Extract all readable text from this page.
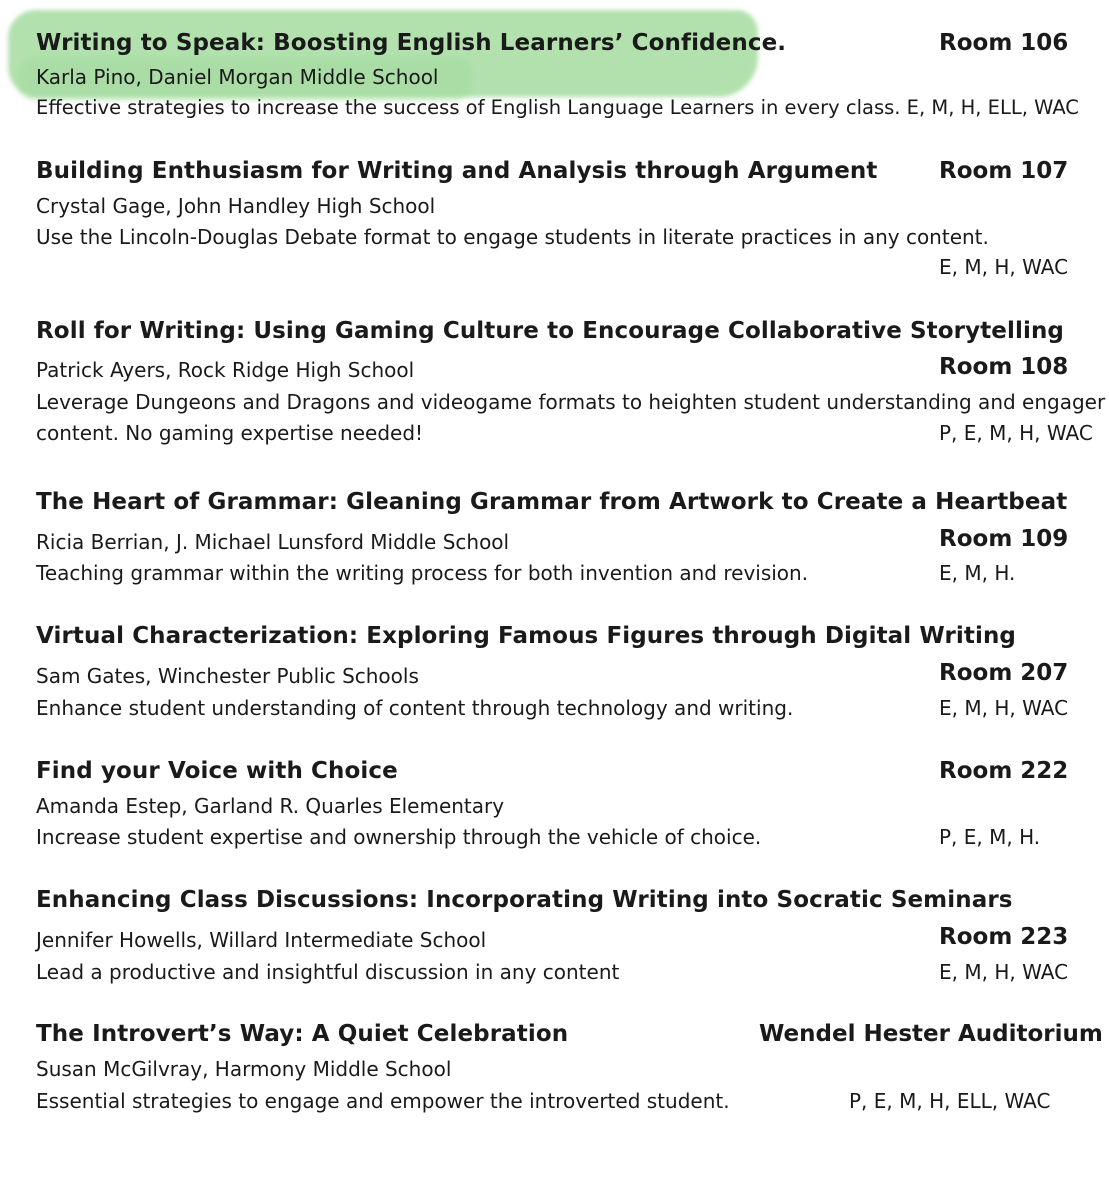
Writing to Speak: Boosting English Learners’ Confidence.	Room 106
Karla Pino, Daniel Morgan Middle School
Effective strategies to increase the success of English Language Learners in every class. E, M, H, ELL, WAC
Building Enthusiasm for Writing and Analysis through Argument	Room 107
Crystal Gage, John Handley High School
Use the Lincoln-Douglas Debate format to engage students in literate practices in any content.
E, M, H, WAC
Roll for Writing: Using Gaming Culture to Encourage Collaborative Storytelling
Patrick Ayers, Rock Ridge High School	Room 108
Leverage Dungeons and Dragons and videogame formats to heighten student understanding and engager
content. No gaming expertise needed!	P, E, M, H, WAC
The Heart of Grammar: Gleaning Grammar from Artwork to Create a Heartbeat
Ricia Berrian, J. Michael Lunsford Middle School	Room 109
Teaching grammar within the writing process for both invention and revision.	E, M, H.
Virtual Characterization: Exploring Famous Figures through Digital Writing
Sam Gates, Winchester Public Schools	Room 207
Enhance student understanding of content through technology and writing.	E, M, H, WAC
Find your Voice with Choice	Room 222
Amanda Estep, Garland R. Quarles Elementary
Increase student expertise and ownership through the vehicle of choice.	P, E, M, H.
Enhancing Class Discussions: Incorporating Writing into Socratic Seminars
Jennifer Howells, Willard Intermediate School	Room 223
Lead a productive and insightful discussion in any content	E, M, H, WAC
The Introvert’s Way: A Quiet Celebration	Wendel Hester Auditorium
Susan McGilvray, Harmony Middle School
Essential strategies to engage and empower the introverted student.	P, E, M, H, ELL, WAC
